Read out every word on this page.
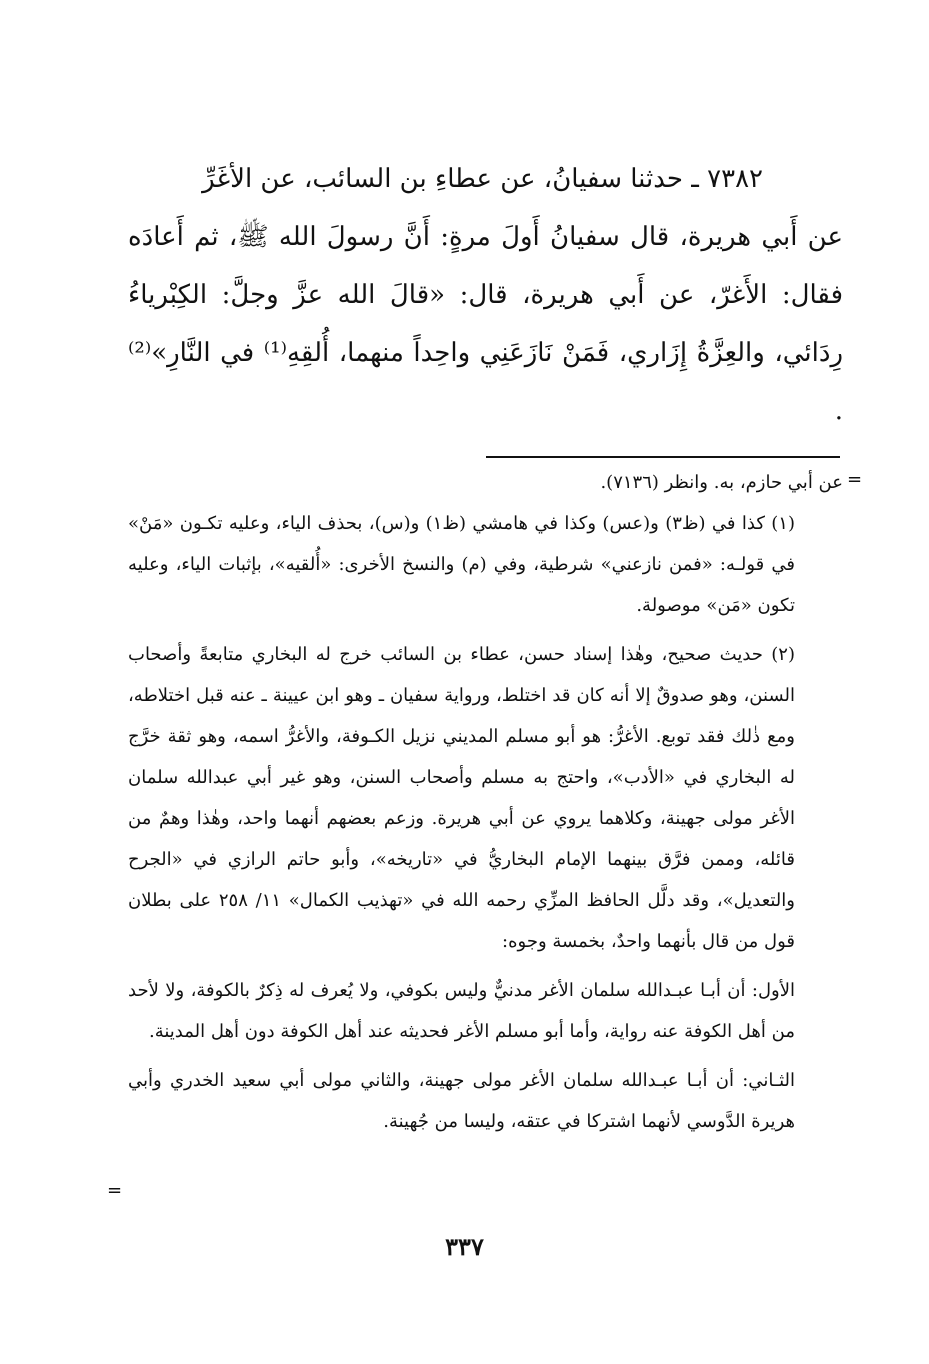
٧٣٨٢ ـ حدثنا سفيانُ، عن عطاءِ بن السائب، عن الأغَرِّ

عن أَبي هريرة، قال سفيانُ أَولَ مرةٍ: أَنَّ رسولَ الله ﷺ، ثم أَعادَه فقال: الأَغرّ، عن أَبي هريرة، قال: «قالَ الله عزَّ وجلَّ: الكِبْرياءُ رِدَائي، والعِزَّةُ إِزَاري، فَمَنْ نَازَعَنِي واحِداً منهما، أُلقِهِ⁽¹⁾ في النَّارِ»⁽²⁾ .

=

عن أبي حازم، به. وانظر (٧١٣٦).

(١) كذا في (ظ٣) و(عس) وكذا في هامشي (ظ١) و(س)، بحذف الياء، وعليه تكـون «مَنْ» في قولـه: «فمن نازعني» شرطية، وفي (م) والنسخ الأخرى: «أُلقيه»، بإثبات الياء، وعليه تكون «مَن» موصولة.

(٢) حديث صحيح، وهٰذا إسناد حسن، عطاء بن السائب خرج له البخاري متابعةً وأصحاب السنن، وهو صدوقٌ إلا أنه كان قد اختلط، ورواية سفيان ـ وهو ابن عيينة ـ عنه قبل اختلاطه، ومع ذٰلك فقد توبع. الأغرُّ: هو أبو مسلم المديني نزيل الكـوفة، والأغرُّ اسمه، وهو ثقة خرَّج له البخاري في «الأدب»، واحتج به مسلم وأصحاب السنن، وهو غير أبي عبدالله سلمان الأغر مولى جهينة، وكلاهما يروي عن أبي هريرة. وزعم بعضهم أنهما واحد، وهٰذا وهمٌ من قائله، وممن فرَّق بينهما الإمام البخاريُّ في «تاريخه»، وأبو حاتم الرازي في «الجرح والتعديل»، وقد دلَّل الحافظ المزِّي رحمه الله في «تهذيب الكمال» ١١/ ٢٥٨ على بطلان قول من قال بأنهما واحدٌ، بخمسة وجوه:

الأول: أن أبـا عبـدالله سلمان الأغر مدنيٌّ وليس بكوفي، ولا يُعرف له ذِكرٌ بالكوفة، ولا لأحد من أهل الكوفة عنه رواية، وأما أبو مسلم الأغر فحديثه عند أهل الكوفة دون أهل المدينة.

الثـاني: أن أبـا عبـدالله سلمان الأغر مولى جهينة، والثاني مولى أبي سعيد الخدري وأبي هريرة الدَّوسي لأنهما اشتركا في عتقه، وليسا من جُهينة.

=
٣٣٧
